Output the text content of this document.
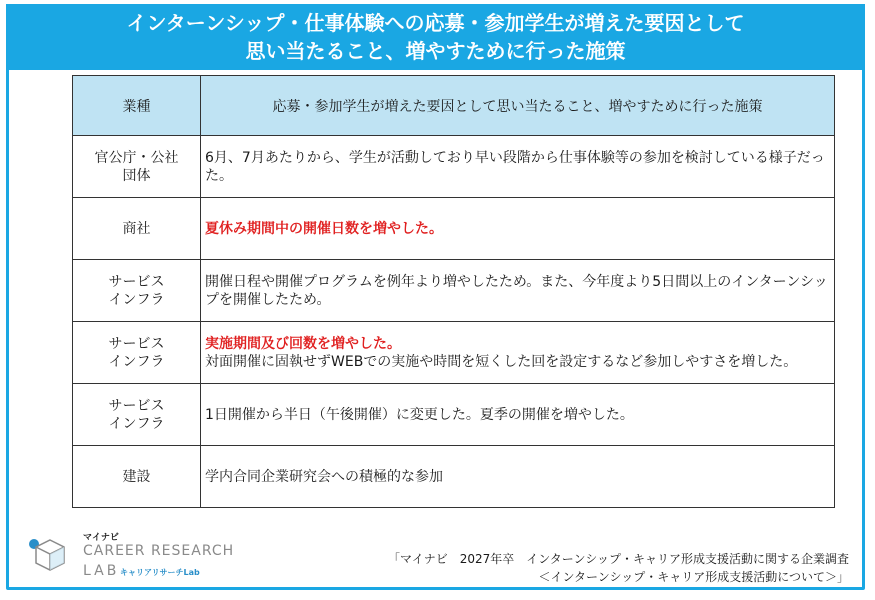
インターンシップ・仕事体験への応募・参加学生が増えた要因として
思い当たること、増やすために行った施策
業種	応募・参加学生が増えた要因として思い当たること、増やすために行った施策
官公庁・公社
団体	6月、7月あたりから、学生が活動しており早い段階から仕事体験等の参加を検討している様子だった。
商社	夏休み期間中の開催日数を増やした。

サービス
インフラ	開催日程や開催プログラムを例年より増やしたため。また、今年度より5日間以上のインターンシップを開催したため。
サービス
インフラ	実施期間及び回数を増やした。
対面開催に固執せずWEBでの実施や時間を短くした回を設定するなど参加しやすさを増した。
サービス
インフラ	1日開催から半日（午後開催）に変更した。夏季の開催を増やした。
建設	学内合同企業研究会への積極的な参加
マイナビ
CAREER RESEARCH
LAB キャリアリサーチLab
「マイナビ　2027年卒　インターンシップ・キャリア形成支援活動に関する企業調査
＜インターンシップ・キャリア形成支援活動について＞」
